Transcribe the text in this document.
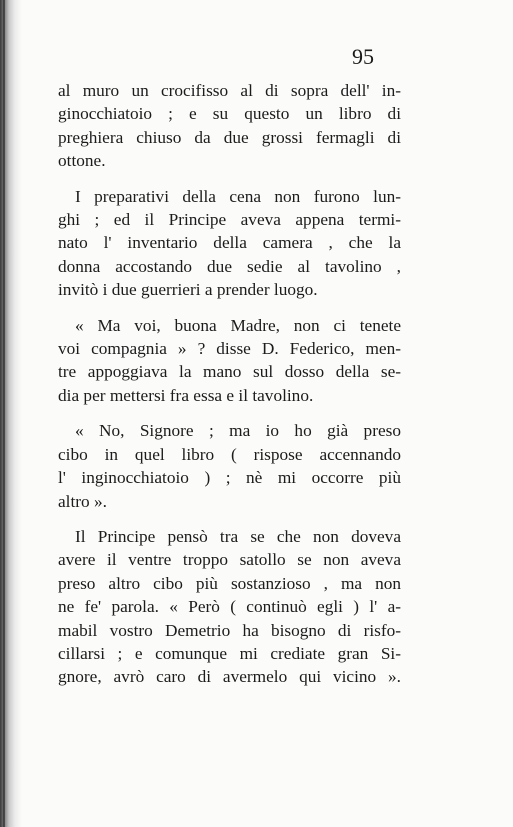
95
al muro un crocifisso al di sopra dell' in-
ginocchiatoio ; e su questo un libro di
preghiera chiuso da due grossi fermagli di
ottone.
I preparativi della cena non furono lun-
ghi ; ed il Principe aveva appena termi-
nato l' inventario della camera , che la
donna accostando due sedie al tavolino ,
invitò i due guerrieri a prender luogo.
« Ma voi, buona Madre, non ci tenete
voi compagnia » ? disse D. Federico, men-
tre appoggiava la mano sul dosso della se-
dia per mettersi fra essa e il tavolino.
« No, Signore ; ma io ho già preso
cibo in quel libro ( rispose accennando
l' inginocchiatoio ) ; nè mi occorre più
altro ».
Il Principe pensò tra se che non doveva
avere il ventre troppo satollo se non aveva
preso altro cibo più sostanzioso , ma non
ne fe' parola. « Però ( continuò egli ) l' a-
mabil vostro Demetrio ha bisogno di risfo-
cillarsi ; e comunque mi crediate gran Si-
gnore, avrò caro di avermelo qui vicino ».
